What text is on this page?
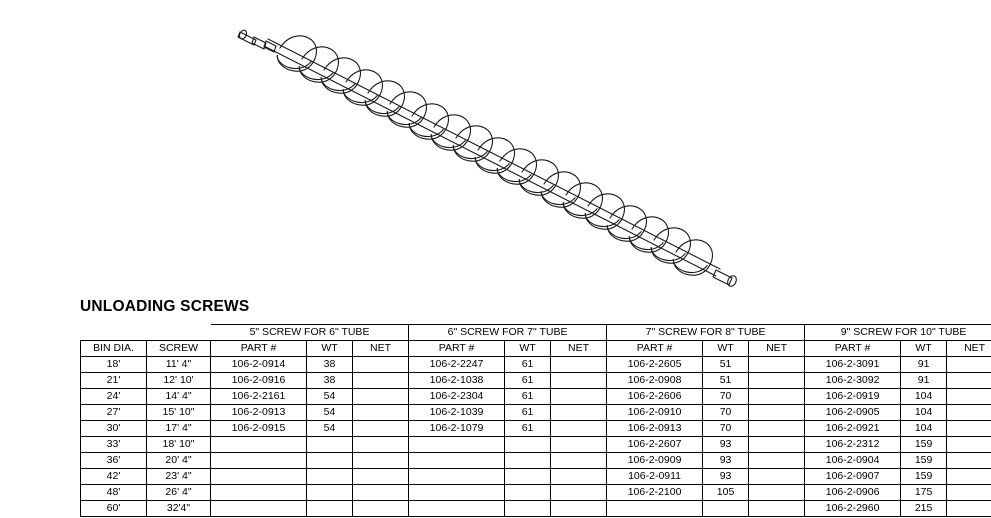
UNLOADING SCREWS
		5" SCREW FOR 6" TUBE			6" SCREW FOR 7" TUBE			7" SCREW FOR 8" TUBE			9" SCREW FOR 10" TUBE		
BIN DIA.	SCREW	PART #	WT	NET	PART #	WT	NET	PART #	WT	NET	PART #	WT	NET
18'	11' 4"	106-2-0914	38		106-2-2247	61		106-2-2605	51		106-2-3091	91	
21'	12' 10'	106-2-0916	38		106-2-1038	61		106-2-0908	51		106-2-3092	91	
24'	14' 4"	106-2-2161	54		106-2-2304	61		106-2-2606	70		106-2-0919	104	
27'	15' 10"	106-2-0913	54		106-2-1039	61		106-2-0910	70		106-2-0905	104	
30'	17' 4"	106-2-0915	54		106-2-1079	61		106-2-0913	70		106-2-0921	104	
33'	18' 10"							106-2-2607	93		106-2-2312	159	
36'	20' 4"							106-2-0909	93		106-2-0904	159	
42'	23' 4"							106-2-0911	93		106-2-0907	159	
48'	26' 4"							106-2-2100	105		106-2-0906	175	
60'	32'4"										106-2-2960	215	
